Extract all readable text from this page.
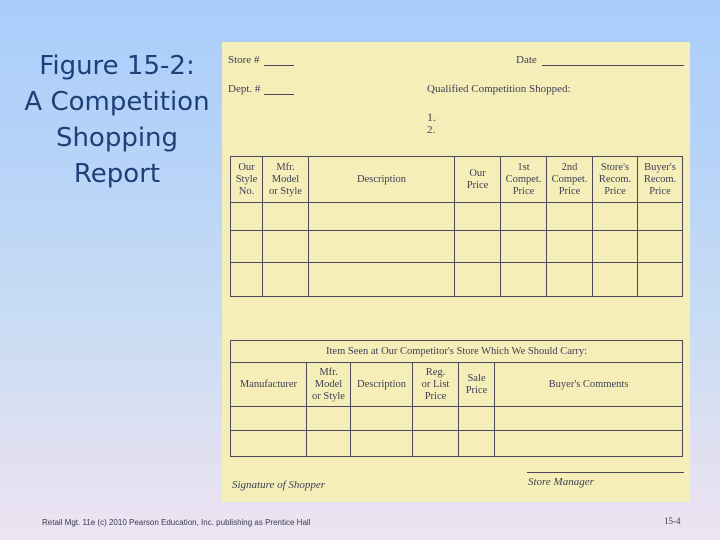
Figure 15-2:
A Competition
Shopping
Report
Store #	Date
Dept. #	Qualified Competition Shopped:
1.
2.
Our
Style
No.	Mfr.
Model
or Style	Description	Our
Price	1st
Compet.
Price	2nd
Compet.
Price	Store's
Recom.
Price	Buyer's
Recom.
Price

Item Seen at Our Competitor's Store Which We Should Carry:					

Manufacturer	Mfr.
Model
or Style	Description	Reg.
or List
Price	Sale
Price	Buyer's Comments

Signature of Shopper	Store Manager
Retail Mgt. 11e (c) 2010 Pearson Education, Inc. publishing as Prentice Hall	15-4
